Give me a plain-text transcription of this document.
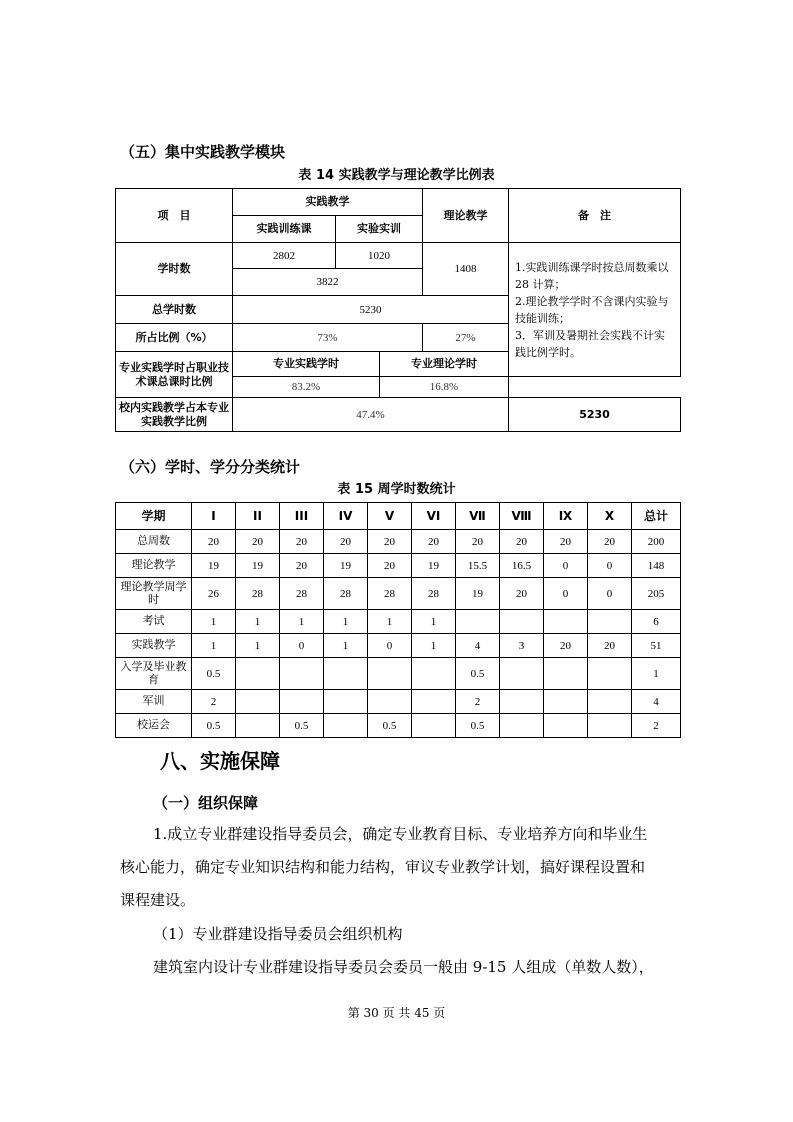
（五）集中实践教学模块
表 14 实践教学与理论教学比例表
项　目	实践教学			理论教学	备　注
	实践训练课	实验实训			
学时数	2802	1020		1408	1.实践训练课学时按总周数乘以 28 计算；
2.理论教学学时不含课内实验与技能训练；
3．军训及暑期社会实践不计实践比例学时。

	3822				
总学时数	5230				
所占比例（%）	73%			27%	
专业实践学时占职业技术课总课时比例	专业实践学时		专业理论学时		
	83.2%		16.8%		
校内实践教学占本专业实践教学比例	47.4%				5230
（六）学时、学分分类统计
表 15 周学时数统计
学期	I	II	III	IV	V	VI	Ⅶ	Ⅷ	Ⅸ	Ⅹ	总计
总周数	20	20	20	20	20	20	20	20	20	20	200
理论教学	19	19	20	19	20	19	15.5	16.5	0	0	148
理论教学周学时	26	28	28	28	28	28	19	20	0	0	205
考试	1	1	1	1	1	1					6
实践教学	1	1	0	1	0	1	4	3	20	20	51
入学及毕业教育	0.5						0.5				1
军训	2						2				4
校运会	0.5		0.5		0.5		0.5				2
八、实施保障
（一）组织保障
1.成立专业群建设指导委员会，确定专业教育目标、专业培养方向和毕业生
核心能力，确定专业知识结构和能力结构，审议专业教学计划，搞好课程设置和
课程建设。
（1）专业群建设指导委员会组织机构
建筑室内设计专业群建设指导委员会委员一般由 9-15 人组成（单数人数），
第 30 页 共 45 页
